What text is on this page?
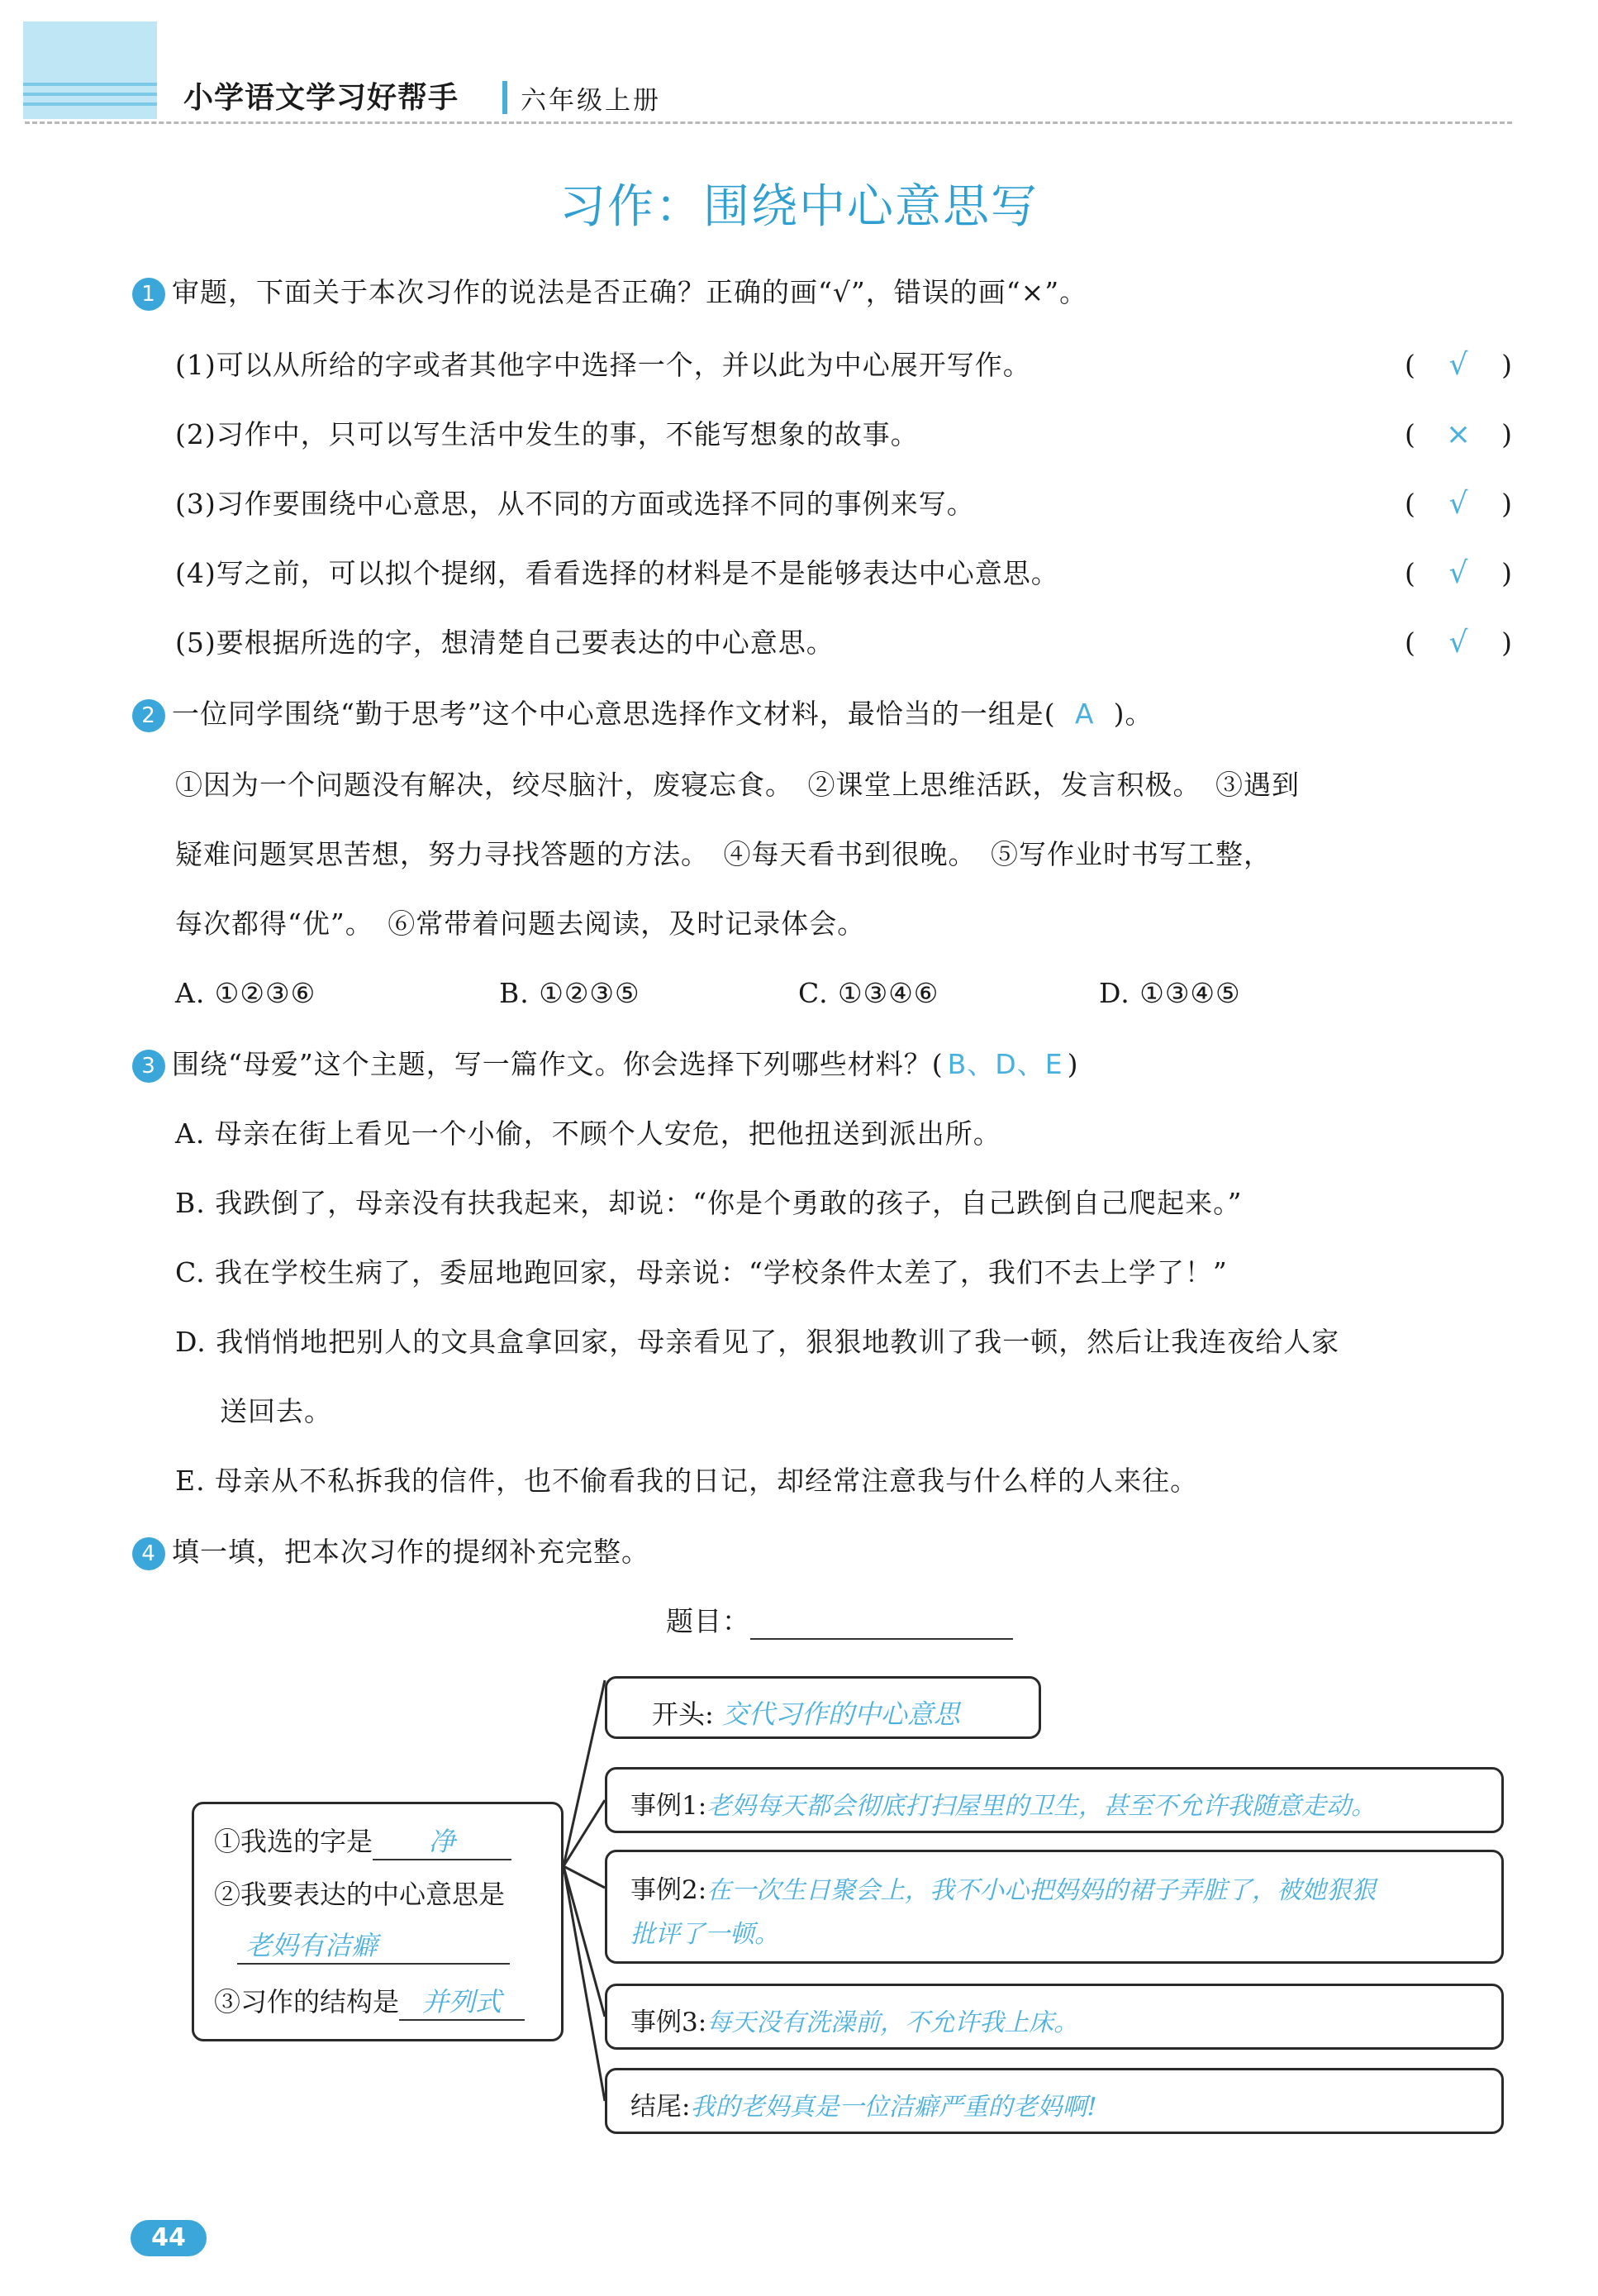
小学语文学习好帮手 六年级上册
习作：围绕中心意思写
1 审题，下面关于本次习作的说法是否正确？正确的画“√”，错误的画“×”。
(1)可以从所给的字或者其他字中选择一个，并以此为中心展开写作。	(	√	)
(2)习作中，只可以写生活中发生的事，不能写想象的故事。	(	×	)
(3)习作要围绕中心意思，从不同的方面或选择不同的事例来写。	(	√	)
(4)写之前，可以拟个提纲，看看选择的材料是不是能够表达中心意思。	(	√	)
(5)要根据所选的字，想清楚自己要表达的中心意思。	(	√	)
2 一位同学围绕“勤于思考”这个中心意思选择作文材料，最恰当的一组是( A )。
①因为一个问题没有解决，绞尽脑汁，废寝忘食。　②课堂上思维活跃，发言积极。　③遇到
疑难问题冥思苦想，努力寻找答题的方法。　④每天看书到很晚。　⑤写作业时书写工整，
每次都得“优”。　⑥常带着问题去阅读，及时记录体会。
A. ①②③⑥	B. ①②③⑤	C. ①③④⑥	D. ①③④⑤
3 围绕“母爱”这个主题，写一篇作文。你会选择下列哪些材料？( B、D、E )
A. 母亲在街上看见一个小偷，不顾个人安危，把他扭送到派出所。
B. 我跌倒了，母亲没有扶我起来，却说：“你是个勇敢的孩子，自己跌倒自己爬起来。”
C. 我在学校生病了，委屈地跑回家，母亲说：“学校条件太差了，我们不去上学了！”
D. 我悄悄地把别人的文具盒拿回家，母亲看见了，狠狠地教训了我一顿，然后让我连夜给人家
送回去。
E. 母亲从不私拆我的信件，也不偷看我的日记，却经常注意我与什么样的人来往。
4 填一填，把本次习作的提纲补充完整。
题目：
①我选的字是 净
②我要表达的中心意思是
老妈有洁癖
③习作的结构是 并列式
开头: 交代习作的中心意思
事例1:老妈每天都会彻底打扫屋里的卫生，甚至不允许我随意走动。
事例2:在一次生日聚会上，我不小心把妈妈的裙子弄脏了，被她狠狠
批评了一顿。
事例3:每天没有洗澡前，不允许我上床。
结尾:我的老妈真是一位洁癖严重的老妈啊!
44
